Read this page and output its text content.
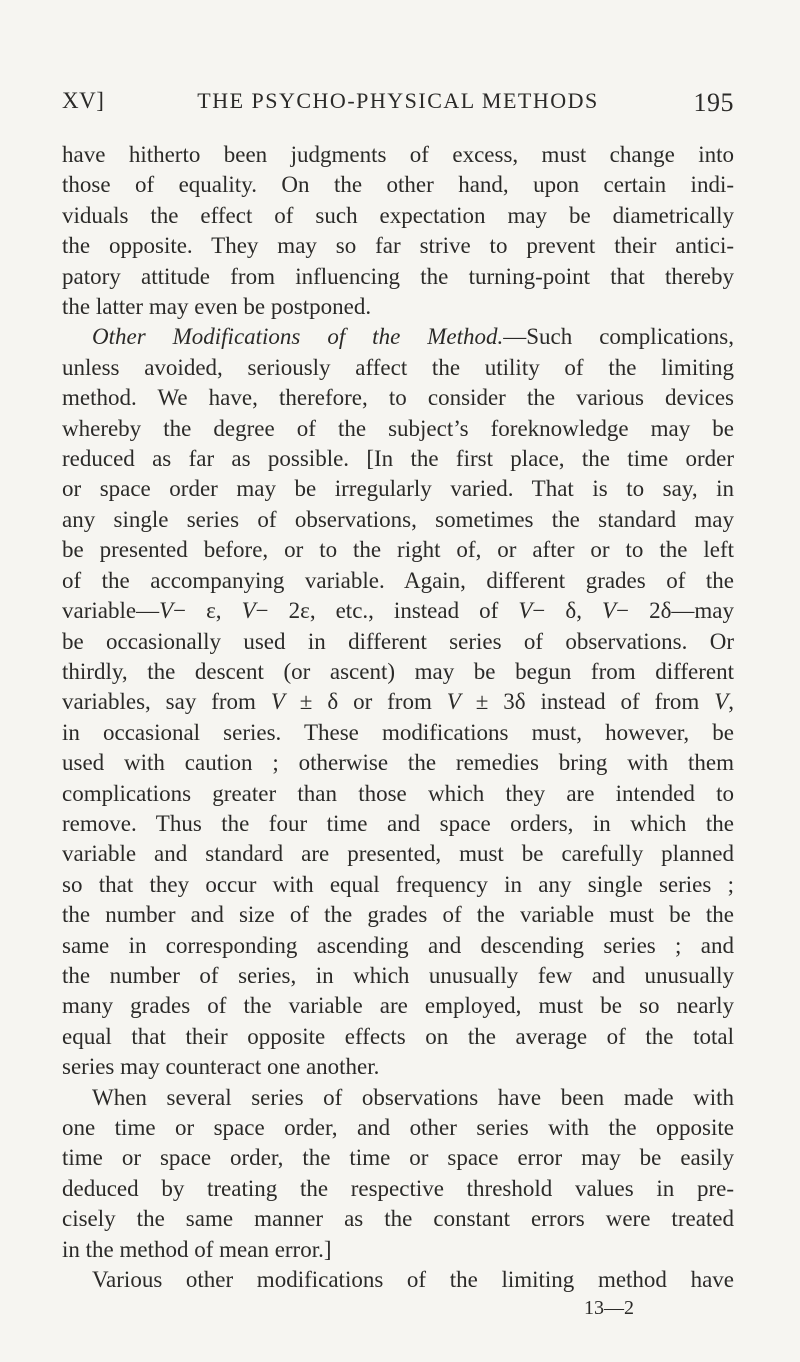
XV]	THE PSYCHO-PHYSICAL METHODS	195
have hitherto been judgments of excess, must change into
those of equality. On the other hand, upon certain indi-
viduals the effect of such expectation may be diametrically
the opposite. They may so far strive to prevent their antici-
patory attitude from influencing the turning-point that thereby
the latter may even be postponed.
Other Modifications of the Method.—Such complications,
unless avoided, seriously affect the utility of the limiting
method. We have, therefore, to consider the various devices
whereby the degree of the subject’s foreknowledge may be
reduced as far as possible. [In the first place, the time order
or space order may be irregularly varied. That is to say, in
any single series of observations, sometimes the standard may
be presented before, or to the right of, or after or to the left
of the accompanying variable. Again, different grades of the
variable—V− ε, V− 2ε, etc., instead of V− δ, V− 2δ—may
be occasionally used in different series of observations. Or
thirdly, the descent (or ascent) may be begun from different
variables, say from V ± δ or from V ± 3δ instead of from V,
in occasional series. These modifications must, however, be
used with caution ; otherwise the remedies bring with them
complications greater than those which they are intended to
remove. Thus the four time and space orders, in which the
variable and standard are presented, must be carefully planned
so that they occur with equal frequency in any single series ;
the number and size of the grades of the variable must be the
same in corresponding ascending and descending series ; and
the number of series, in which unusually few and unusually
many grades of the variable are employed, must be so nearly
equal that their opposite effects on the average of the total
series may counteract one another.
When several series of observations have been made with
one time or space order, and other series with the opposite
time or space order, the time or space error may be easily
deduced by treating the respective threshold values in pre-
cisely the same manner as the constant errors were treated
in the method of mean error.]
Various other modifications of the limiting method have
13—2
